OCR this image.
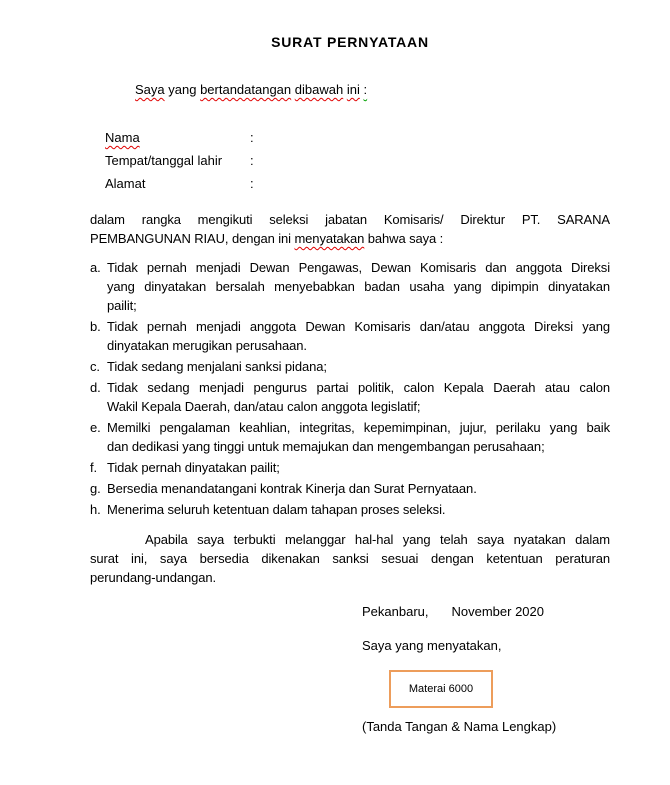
SURAT PERNYATAAN
Saya yang bertandatangan dibawah ini :
Nama	:
Tempat/tanggal lahir	:
Alamat	:
dalam rangka mengikuti seleksi jabatan Komisaris/ Direktur PT. SARANA
PEMBANGUNAN RIAU, dengan ini menyatakan bahwa saya :
a. Tidak pernah menjadi Dewan Pengawas, Dewan Komisaris dan anggota Direksi
yang dinyatakan bersalah menyebabkan badan usaha yang dipimpin dinyatakan
pailit;
b. Tidak pernah menjadi anggota Dewan Komisaris dan/atau anggota Direksi yang
dinyatakan merugikan perusahaan.
c. Tidak sedang menjalani sanksi pidana;
d. Tidak sedang menjadi pengurus partai politik, calon Kepala Daerah atau calon
Wakil Kepala Daerah, dan/atau calon anggota legislatif;
e. Memilki pengalaman keahlian, integritas, kepemimpinan, jujur, perilaku yang baik
dan dedikasi yang tinggi untuk memajukan dan mengembangan perusahaan;
f. Tidak pernah dinyatakan pailit;
g. Bersedia menandatangani kontrak Kinerja dan Surat Pernyataan.
h. Menerima seluruh ketentuan dalam tahapan proses seleksi.
Apabila saya terbukti melanggar hal-hal yang telah saya nyatakan dalam
surat ini, saya bersedia dikenakan sanksi sesuai dengan ketentuan peraturan
perundang-undangan.
Pekanbaru, November 2020
Saya yang menyatakan,
Materai 6000
(Tanda Tangan & Nama Lengkap)
